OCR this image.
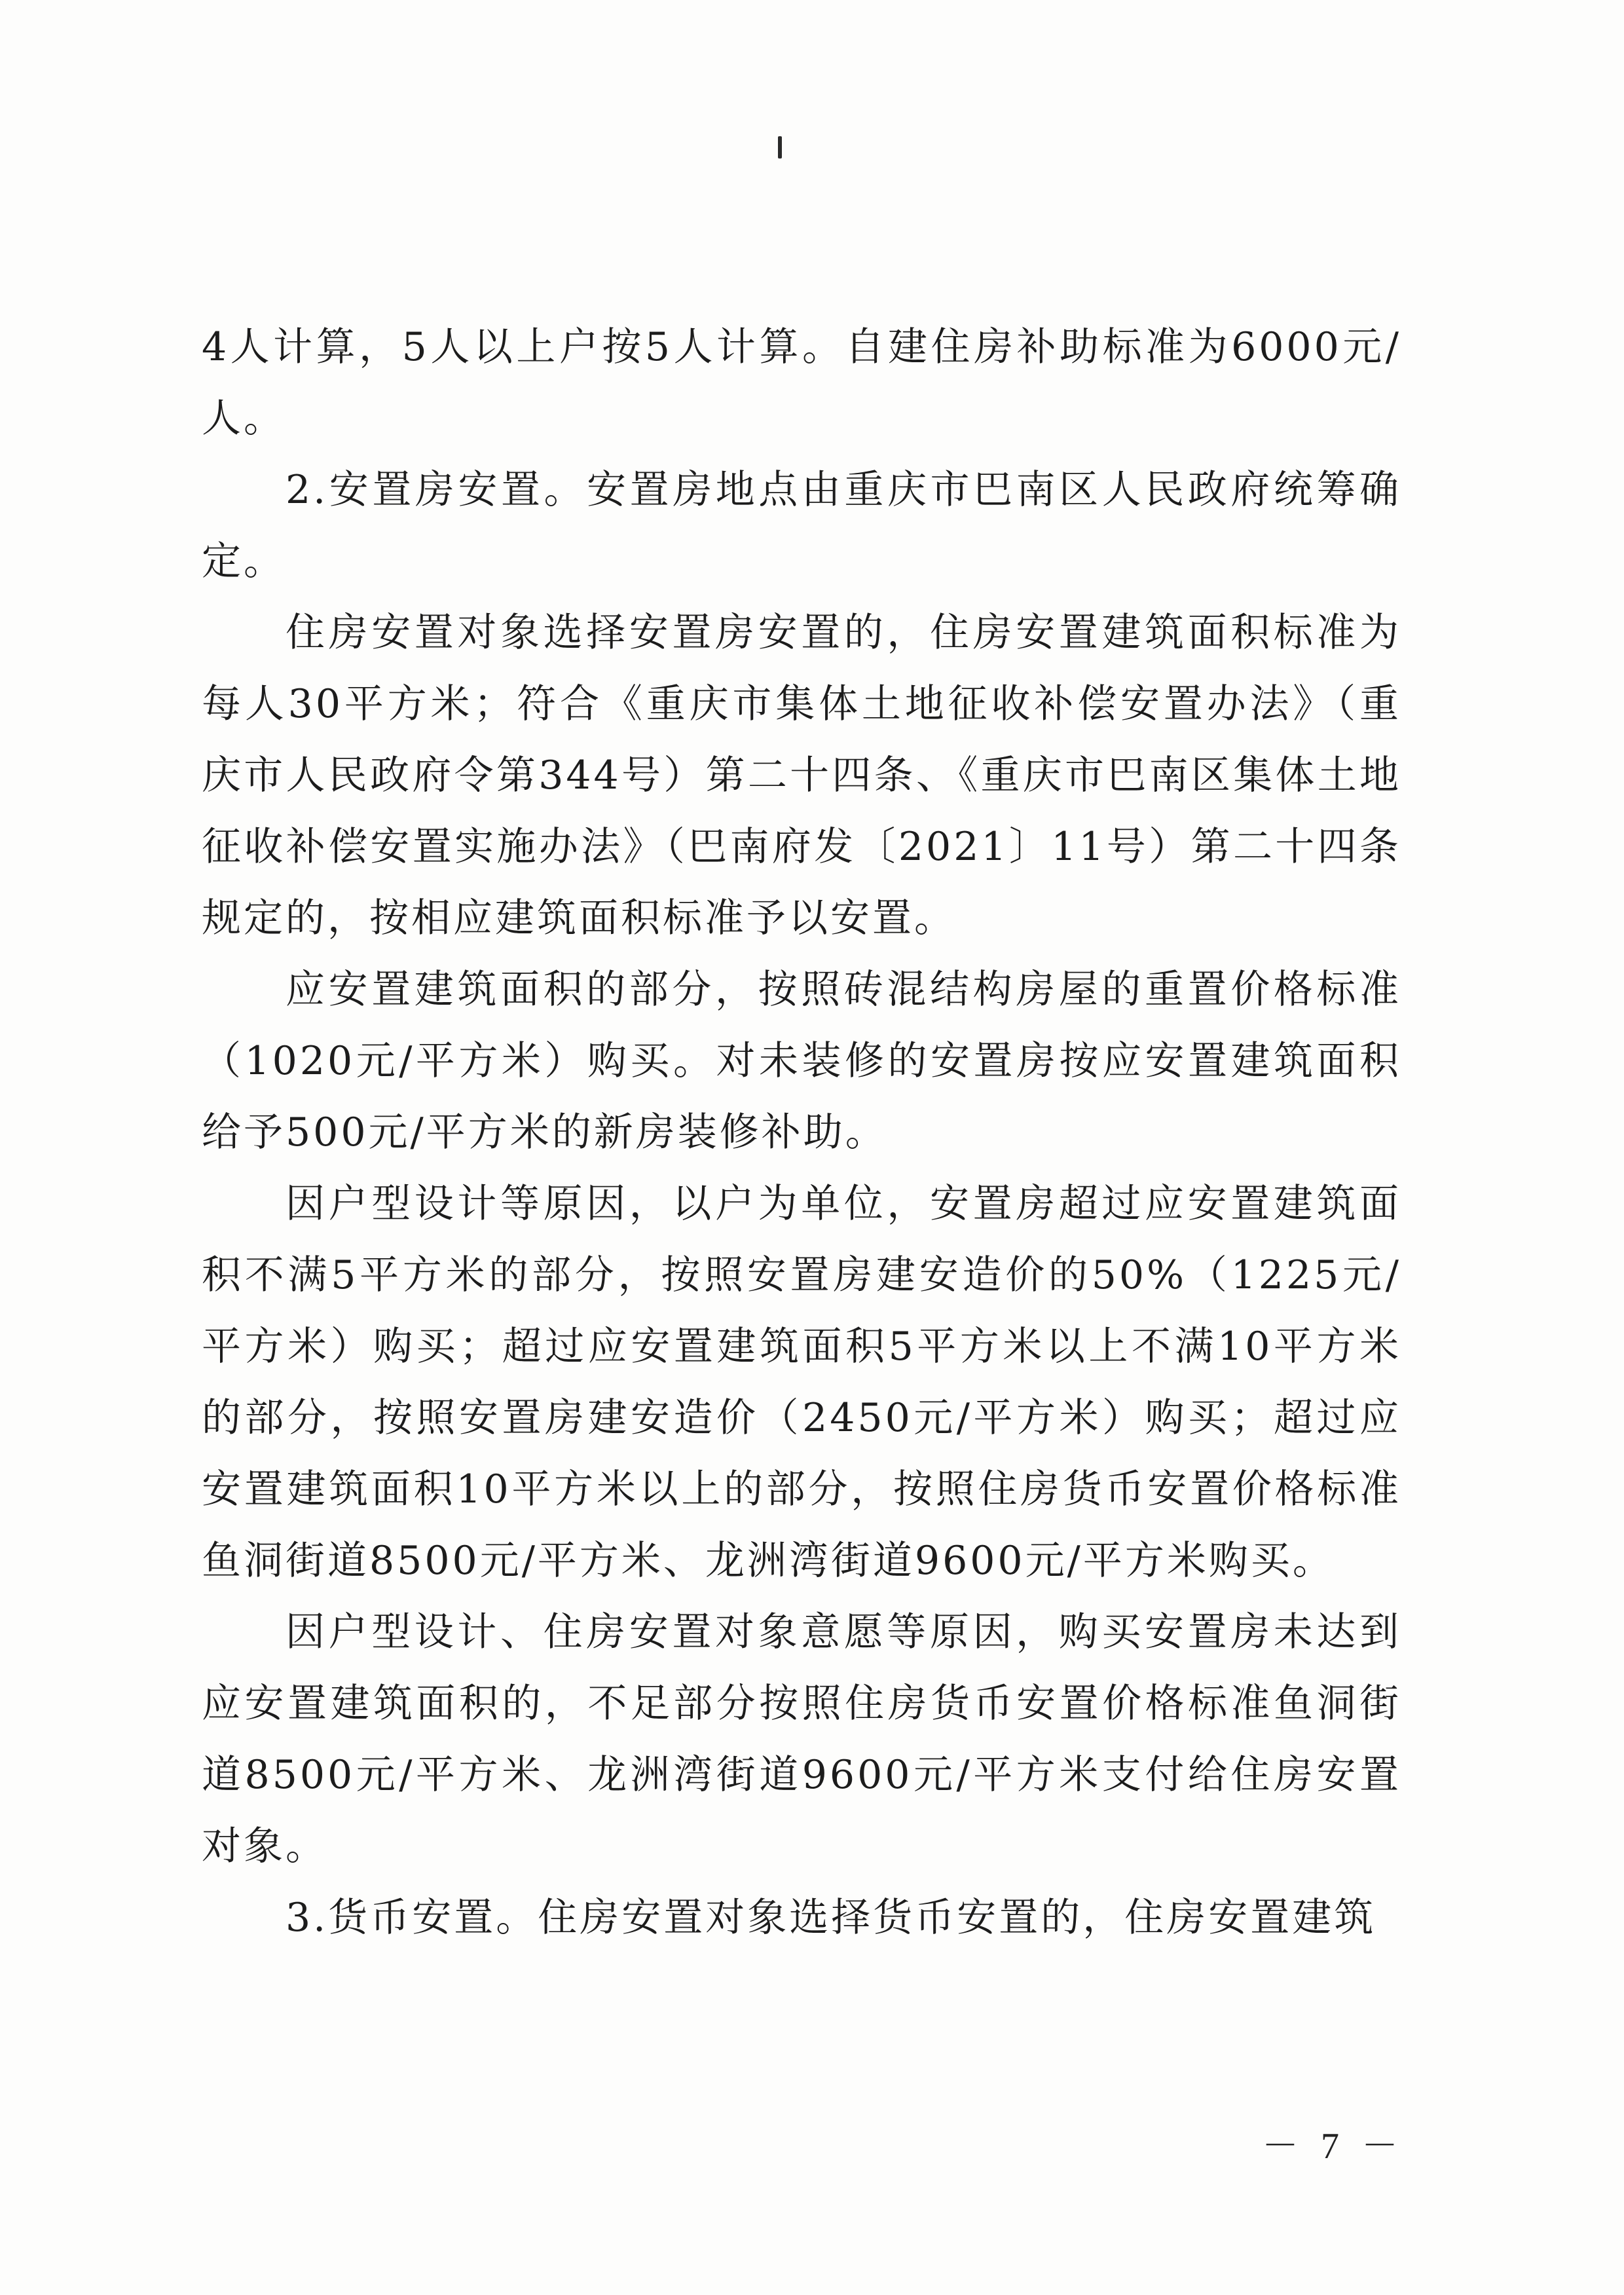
4人计算，5人以上户按5人计算。自建住房补助标准为6000元/人。

2.安置房安置。安置房地点由重庆市巴南区人民政府统筹确定。

住房安置对象选择安置房安置的，住房安置建筑面积标准为每人30平方米；符合《重庆市集体土地征收补偿安置办法》（重庆市人民政府令第344号）第二十四条、《重庆市巴南区集体土地征收补偿安置实施办法》（巴南府发〔2021〕11号）第二十四条规定的，按相应建筑面积标准予以安置。

应安置建筑面积的部分，按照砖混结构房屋的重置价格标准（1020元/平方米）购买。对未装修的安置房按应安置建筑面积给予500元/平方米的新房装修补助。

因户型设计等原因，以户为单位，安置房超过应安置建筑面积不满5平方米的部分，按照安置房建安造价的50%（1225元/平方米）购买；超过应安置建筑面积5平方米以上不满10平方米的部分，按照安置房建安造价（2450元/平方米）购买；超过应安置建筑面积10平方米以上的部分，按照住房货币安置价格标准鱼洞街道8500元/平方米、龙洲湾街道9600元/平方米购买。

因户型设计、住房安置对象意愿等原因，购买安置房未达到应安置建筑面积的，不足部分按照住房货币安置价格标准鱼洞街道8500元/平方米、龙洲湾街道9600元/平方米支付给住房安置对象。

3.货币安置。住房安置对象选择货币安置的，住房安置建筑

－ 7 －
